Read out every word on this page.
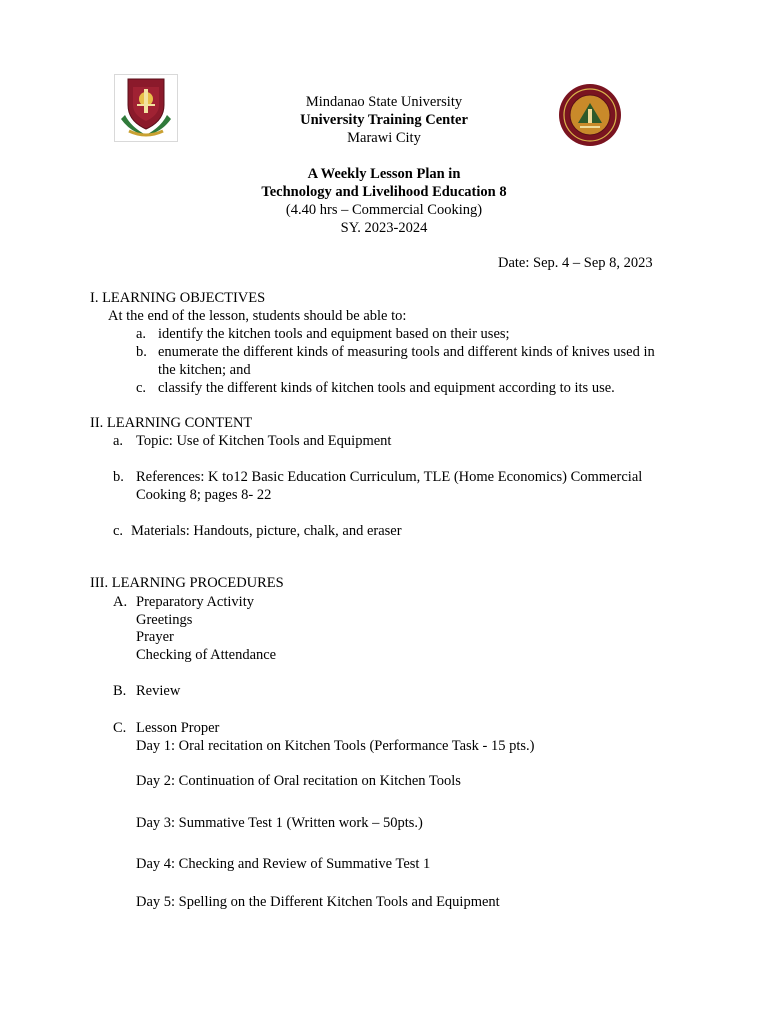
Mindanao State University
University Training Center
Marawi City
A Weekly Lesson Plan in
Technology and Livelihood Education 8
(4.40 hrs – Commercial Cooking)
SY. 2023-2024
Date: Sep. 4 – Sep 8, 2023
I. LEARNING OBJECTIVES
At the end of the lesson, students should be able to:
a. identify the kitchen tools and equipment based on their uses;
b. enumerate the different kinds of measuring tools and different kinds of knives used in
the kitchen; and
c. classify the different kinds of kitchen tools and equipment according to its use.
II. LEARNING CONTENT
a. Topic: Use of Kitchen Tools and Equipment
b. References: K to12 Basic Education Curriculum, TLE (Home Economics) Commercial
Cooking 8; pages 8- 22
c. Materials: Handouts, picture, chalk, and eraser
III. LEARNING PROCEDURES
A. Preparatory Activity
Greetings
Prayer
Checking of Attendance
B. Review
C. Lesson Proper
Day 1: Oral recitation on Kitchen Tools (Performance Task - 15 pts.)
Day 2: Continuation of Oral recitation on Kitchen Tools
Day 3: Summative Test 1 (Written work – 50pts.)
Day 4: Checking and Review of Summative Test 1
Day 5: Spelling on the Different Kitchen Tools and Equipment
